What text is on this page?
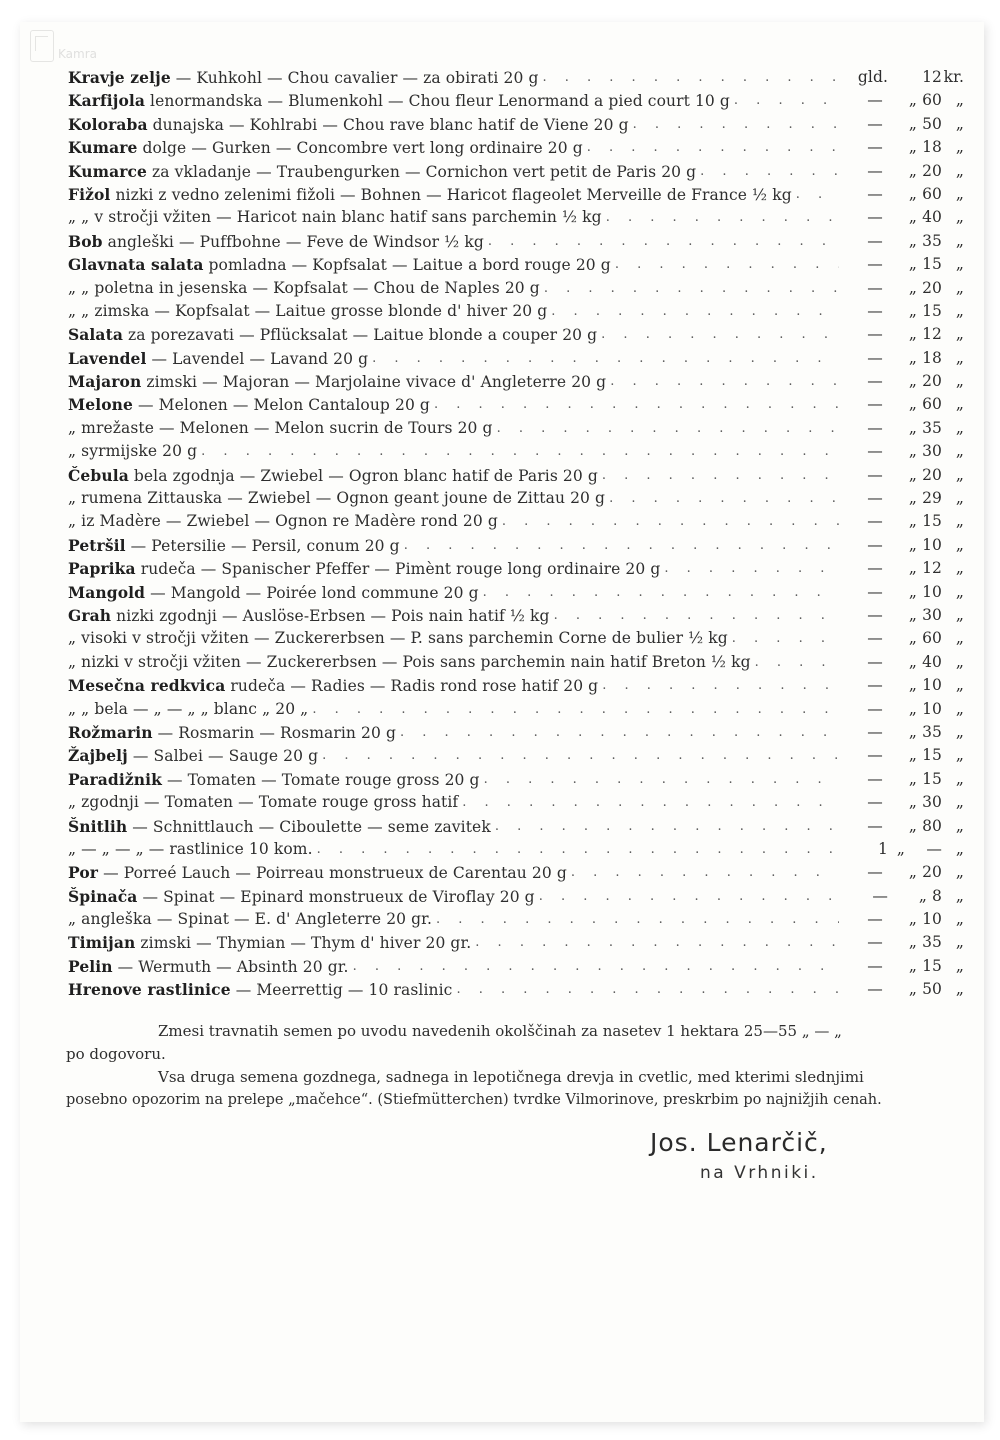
Kamra
Kravje zelje — Kuhkohl — Chou cavalier — za obirati 20 g . . .	gld.	12 kr.
Karfijola lenormandska — Blumenkohl — Chou fleur Lenormand a pied court 10 g . . .	— „ 60 „
Koloraba dunajska — Kohlrabi — Chou rave blanc hatif de Viene 20 g . . .	— „ 50 „
Kumare dolge — Gurken — Concombre vert long ordinaire 20 g . . .	— „ 18 „
Kumarce za vkladanje — Traubengurken — Cornichon vert petit de Paris 20 g . . .	— „ 20 „
Fižol nizki z vedno zelenimi fižoli — Bohnen — Haricot flageolet Merveille de France ½ kg . . .	— „ 60 „
„ „ v stročji vžiten — Haricot nain blanc hatif sans parchemin ½ kg . . .	— „ 40 „
Bob angleški — Puffbohne — Feve de Windsor ½ kg . . .	— „ 35 „
Glavnata salata pomladna — Kopfsalat — Laitue a bord rouge 20 g . . .	— „ 15 „
„ „ poletna in jesenska — Kopfsalat — Chou de Naples 20 g . . .	— „ 20 „
„ „ zimska — Kopfsalat — Laitue grosse blonde d' hiver 20 g . . .	— „ 15 „
Salata za porezavati — Pflücksalat — Laitue blonde a couper 20 g . . .	— „ 12 „
Lavendel — Lavendel — Lavand 20 g . . .	— „ 18 „
Majaron zimski — Majoran — Marjolaine vivace d' Angleterre 20 g . . .	— „ 20 „
Melone — Melonen — Melon Cantaloup 20 g . . .	— „ 60 „
„ mrežaste — Melonen — Melon sucrin de Tours 20 g . . .	— „ 35 „
„ syrmijske 20 g . . .	— „ 30 „
Čebula bela zgodnja — Zwiebel — Ogron blanc hatif de Paris 20 g . . .	— „ 20 „
„ rumena Zittauska — Zwiebel — Ognon geant joune de Zittau 20 g . . .	— „ 29 „
„ iz Madère — Zwiebel — Ognon re Madère rond 20 g . . .	— „ 15 „
Petršil — Petersilie — Persil, conum 20 g . . .	— „ 10 „
Paprika rudeča — Spanischer Pfeffer — Pimènt rouge long ordinaire 20 g . . .	— „ 12 „
Mangold — Mangold — Poirée lond commune 20 g . . .	— „ 10 „
Grah nizki zgodnji — Auslöse-Erbsen — Pois nain hatif ½ kg . . .	— „ 30 „
„ visoki v stročji vžiten — Zuckererbsen — P. sans parchemin Corne de bulier ½ kg . . .	— „ 60 „
„ nizki v stročji vžiten — Zuckererbsen — Pois sans parchemin nain hatif Breton ½ kg . . .	— „ 40 „
Mesečna redkvica rudeča — Radies — Radis rond rose hatif 20 g . . .	— „ 10 „
„ „ bela — „ — „ „ blanc „ 20 „ . . .	— „ 10 „
Rožmarin — Rosmarin — Rosmarin 20 g . . .	— „ 35 „
Žajbelj — Salbei — Sauge 20 g . . .	— „ 15 „
Paradižnik — Tomaten — Tomate rouge gross 20 g . . .	— „ 15 „
„ zgodnji — Tomaten — Tomate rouge gross hatif . . .	— „ 30 „
Šnitlih — Schnittlauch — Ciboulette — seme zavitek . . .	— „ 80 „
„ — „ — „ — rastlinice 10 kom. . . .	1 „	— „
Por — Porreé Lauch — Poirreau monstrueux de Carentau 20 g . . .	— „ 20 „
Špinača — Spinat — Epinard monstrueux de Viroflay 20 g . . .	—	„ 8 „
„ angleška — Spinat — E. d' Angleterre 20 gr. . . .	— „ 10 „
Timijan zimski — Thymian — Thym d' hiver 20 gr. . . .	— „ 35 „
Pelin — Wermuth — Absinth 20 gr. . . .	— „ 15 „
Hrenove rastlinice — Meerrettig — 10 raslinic . . .	— „ 50 „
Zmesi travnatih semen po uvodu navedenih okolščinah za nasetev 1 hektara 25—55 „ — „
po dogovoru.
Vsa druga semena gozdnega, sadnega in lepotičnega drevja in cvetlic, med kterimi slednjimi
posebno opozorim na prelepe „mačehce“. (Stiefmütterchen) tvrdke Vilmorinove, preskrbim po najnižjih cenah.
Jos. Lenarčič,
na Vrhniki.
